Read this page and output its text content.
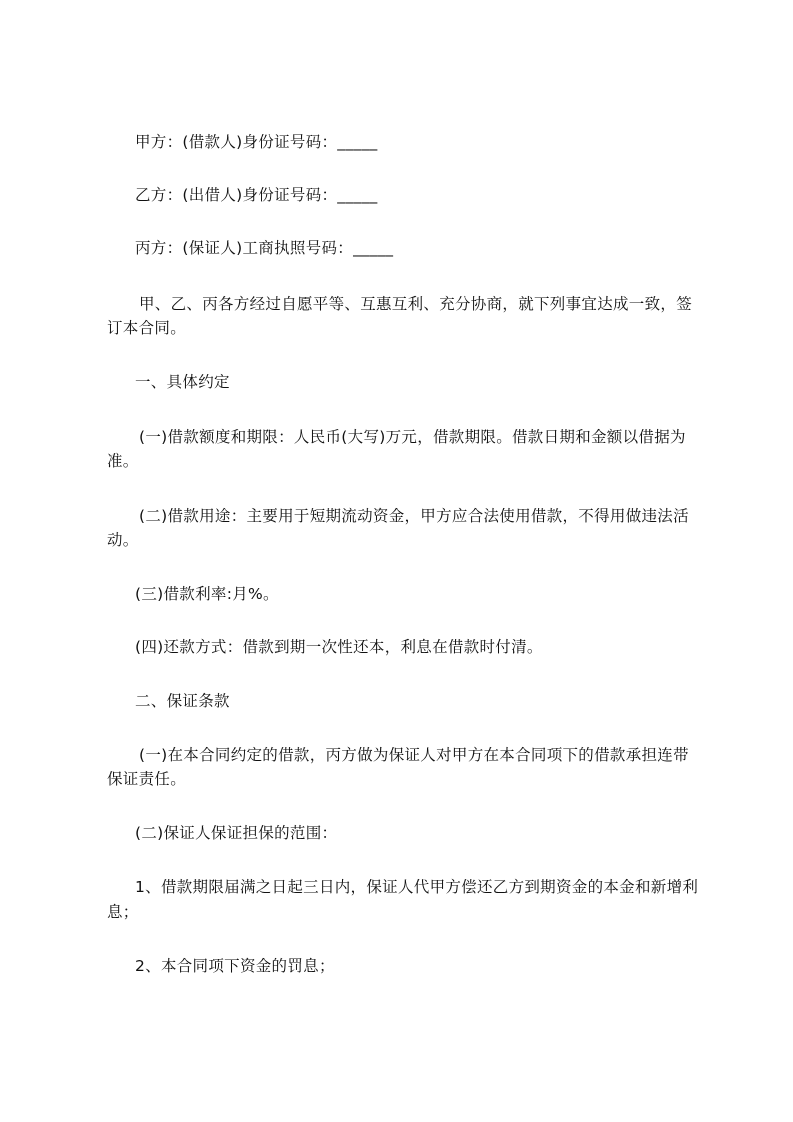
甲方：(借款人)身份证号码：_____
乙方：(出借人)身份证号码：_____
丙方：(保证人)工商执照号码：_____
甲、乙、丙各方经过自愿平等、互惠互利、充分协商，就下列事宜达成一致，签
订本合同。
一、具体约定
(一)借款额度和期限：人民币(大写)万元，借款期限。借款日期和金额以借据为
准。
(二)借款用途：主要用于短期流动资金，甲方应合法使用借款，不得用做违法活
动。
(三)借款利率:月%。
(四)还款方式：借款到期一次性还本，利息在借款时付清。
二、保证条款
(一)在本合同约定的借款，丙方做为保证人对甲方在本合同项下的借款承担连带
保证责任。
(二)保证人保证担保的范围：
1、借款期限届满之日起三日内，保证人代甲方偿还乙方到期资金的本金和新增利
息；
2、本合同项下资金的罚息；
